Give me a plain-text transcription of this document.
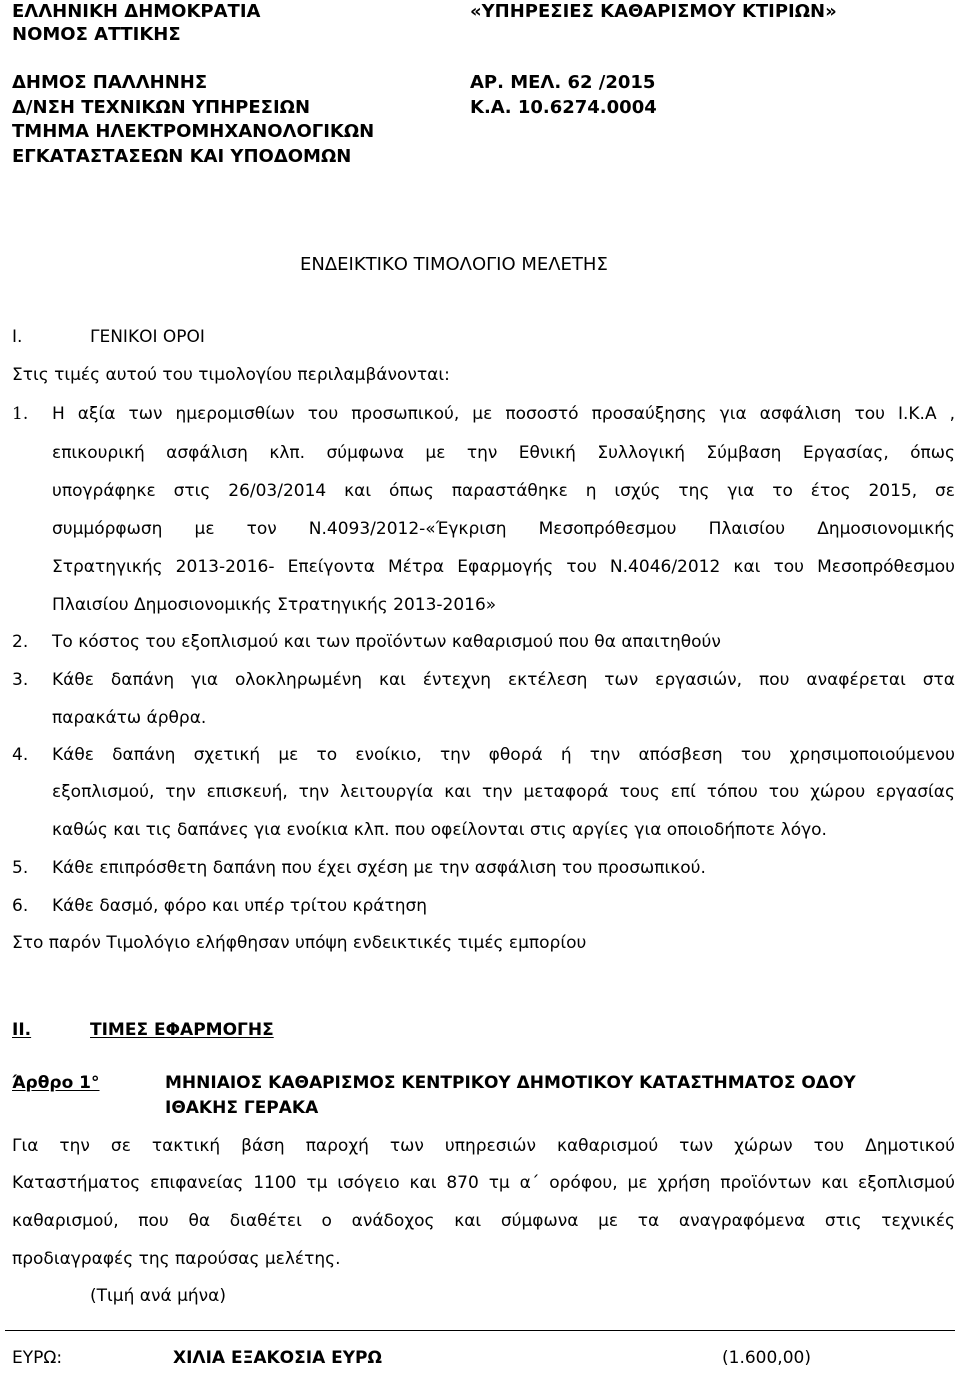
ΕΛΛΗΝΙΚΗ ΔΗΜΟΚΡΑΤΙΑ
ΝΟΜΟΣ ΑΤΤΙΚΗΣ
ΔΗΜΟΣ ΠΑΛΛΗΝΗΣ
Δ/ΝΣΗ ΤΕΧΝΙΚΩΝ ΥΠΗΡΕΣΙΩΝ
ΤΜΗΜΑ ΗΛΕΚΤΡΟΜΗΧΑΝΟΛΟΓΙΚΩΝ
ΕΓΚΑΤΑΣΤΑΣΕΩΝ ΚΑΙ ΥΠΟΔΟΜΩΝ
«ΥΠΗΡΕΣΙΕΣ ΚΑΘΑΡΙΣΜΟΥ ΚΤΙΡΙΩΝ»
ΑΡ. ΜΕΛ. 62 /2015
Κ.Α. 10.6274.0004
ΕΝΔΕΙΚΤΙΚΟ ΤΙΜΟΛΟΓΙΟ ΜΕΛΕΤΗΣ
Ι.	ΓΕΝΙΚΟΙ ΟΡΟΙ
Στις τιμές αυτού του τιμολογίου περιλαμβάνονται:
1. Η αξία των ημερομισθίων του προσωπικού, με ποσοστό προσαύξησης για ασφάλιση του Ι.Κ.Α ,
επικουρική ασφάλιση κλπ. σύμφωνα με την Εθνική Συλλογική Σύμβαση Εργασίας, όπως
υπογράφηκε στις 26/03/2014 και όπως παραστάθηκε η ισχύς της για το έτος 2015, σε
συμμόρφωση με τον Ν.4093/2012-«Έγκριση Μεσοπρόθεσμου Πλαισίου Δημοσιονομικής
Στρατηγικής 2013-2016- Επείγοντα Μέτρα Εφαρμογής του Ν.4046/2012 και του Μεσοπρόθεσμου
Πλαισίου Δημοσιονομικής Στρατηγικής 2013-2016»
2. Το κόστος του εξοπλισμού και των προϊόντων καθαρισμού που θα απαιτηθούν
3. Κάθε δαπάνη για ολοκληρωμένη και έντεχνη εκτέλεση των εργασιών, που αναφέρεται στα
παρακάτω άρθρα.
4. Κάθε δαπάνη σχετική με το ενοίκιο, την φθορά ή την απόσβεση του χρησιμοποιούμενου
εξοπλισμού, την επισκευή, την λειτουργία και την μεταφορά τους επί τόπου του χώρου εργασίας
καθώς και τις δαπάνες για ενοίκια κλπ. που οφείλονται στις αργίες για οποιοδήποτε λόγο.
5. Κάθε επιπρόσθετη δαπάνη που έχει σχέση με την ασφάλιση του προσωπικού.
6. Κάθε δασμό, φόρο και υπέρ τρίτου κράτηση
Στο παρόν Τιμολόγιο ελήφθησαν υπόψη ενδεικτικές τιμές εμπορίου
ΙΙ.	ΤΙΜΕΣ ΕΦΑΡΜΟΓΗΣ
Άρθρο 1°	ΜΗΝΙΑΙΟΣ ΚΑΘΑΡΙΣΜΟΣ ΚΕΝΤΡΙΚΟΥ ΔΗΜΟΤΙΚΟΥ ΚΑΤΑΣΤΗΜΑΤΟΣ ΟΔΟΥ
ΙΘΑΚΗΣ ΓΕΡΑΚΑ
Για την σε τακτική βάση παροχή των υπηρεσιών καθαρισμού των χώρων του Δημοτικού
Καταστήματος επιφανείας 1100 τμ ισόγειο και 870 τμ α΄ ορόφου, με χρήση προϊόντων και εξοπλισμού
καθαρισμού, που θα διαθέτει ο ανάδοχος και σύμφωνα με τα αναγραφόμενα στις τεχνικές
προδιαγραφές της παρούσας μελέτης.
(Τιμή ανά μήνα)
ΕΥΡΩ:	ΧΙΛΙΑ ΕΞΑΚΟΣΙΑ ΕΥΡΩ	(1.600,00)
